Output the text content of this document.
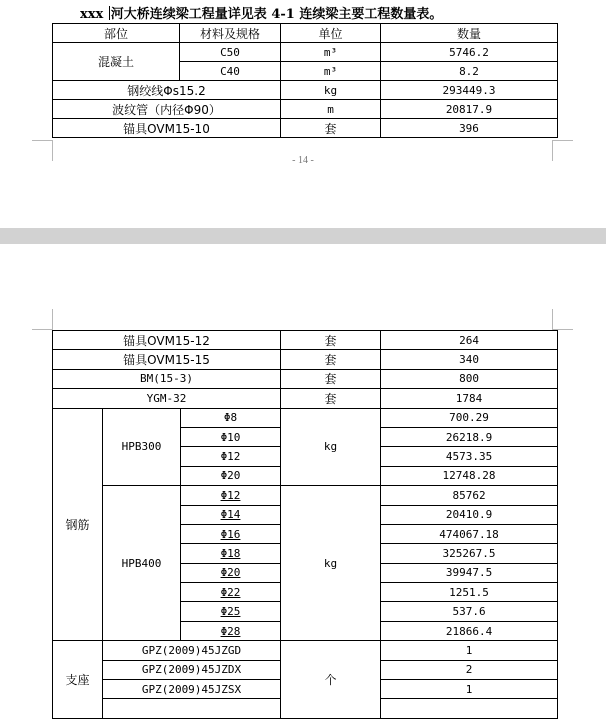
xxx 河大桥连续梁工程量详见表 4-1 连续梁主要工程数量表。
部位	材料及规格	单位	数量
混凝土	C50	m³	5746.2
	C40	m³	8.2
钢绞线Φs15.2		kg	293449.3
波纹管（内径Φ90）		m	20817.9
锚具OVM15-10		套	396
- 14 -
锚具OVM15-12			套	264
锚具OVM15-15			套	340
BM(15-3)			套	800
YGM-32			套	1784
钢筋	HPB300	Φ8	kg	700.29
		Φ10		26218.9
		Φ12		4573.35
		Φ20		12748.28
	HPB400	Φ12	kg	85762
		Φ14		20410.9
		Φ16		474067.18
		Φ18		325267.5
		Φ20		39947.5
		Φ22		1251.5
		Φ25		537.6
		Φ28		21866.4
支座	GPZ(2009)45JZGD		个	1
	GPZ(2009)45JZDX			2
	GPZ(2009)45JZSX			1
